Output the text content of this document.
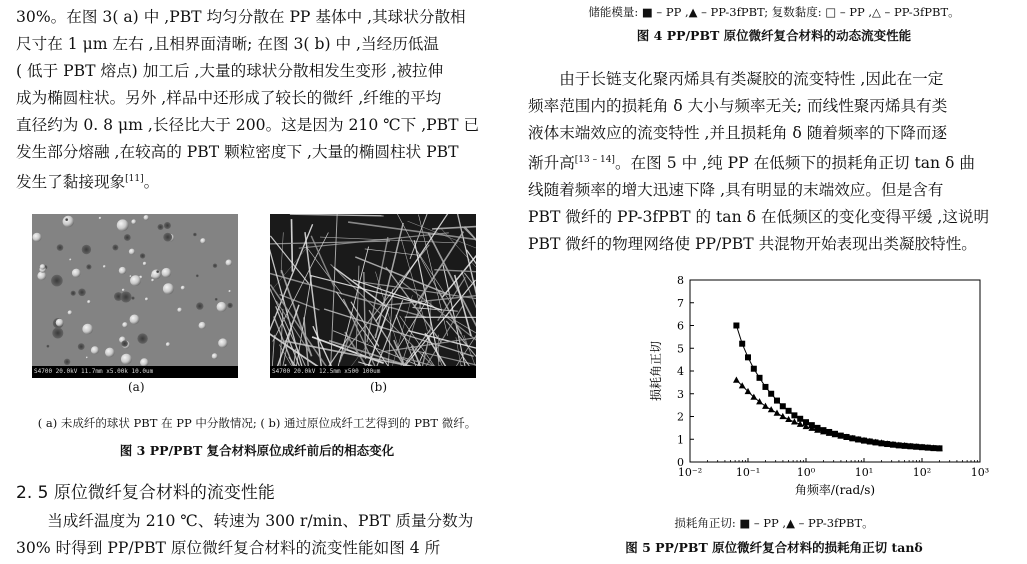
30%。在图 3( a) 中 ,PBT 均匀分散在 PP 基体中 ,其球状分散相

尺寸在 1 μm 左右 ,且相界面清晰; 在图 3( b) 中 ,当经历低温

( 低于 PBT 熔点) 加工后 ,大量的球状分散相发生变形 ,被拉伸

成为椭圆柱状。另外 ,样品中还形成了较长的微纤 ,纤维的平均

直径约为 0. 8 μm ,长径比大于 200。这是因为 210 ℃下 ,PBT 已

发生部分熔融 ,在较高的 PBT 颗粒密度下 ,大量的椭圆柱状 PBT

发生了黏接现象[11]。

S4700 20.0kV 11.7mm x5.00k 10.0um
(a)
S4700 20.0kV 12.5mm x500 100um
(b)
( a) 未成纤的球状 PBT 在 PP 中分散情况; ( b) 通过原位成纤工艺得到的 PBT 微纤。
图 3 PP/PBT 复合材料原位成纤前后的相态变化
2. 5 原位微纤复合材料的流变性能

当成纤温度为 210 ℃、转速为 300 r/min、PBT 质量分数为

30% 时得到 PP/PBT 原位微纤复合材料的流变性能如图 4 所

储能模量: ■ – PP ,▲ – PP-3fPBT; 复数黏度: □ – PP ,△ – PP-3fPBT。
图 4 PP/PBT 原位微纤复合材料的动态流变性能

由于长链支化聚丙烯具有类凝胶的流变特性 ,因此在一定

频率范围内的损耗角 δ 大小与频率无关; 而线性聚丙烯具有类

液体末端效应的流变特性 ,并且损耗角 δ 随着频率的下降而逐

渐升高[13 – 14]。在图 5 中 ,纯 PP 在低频下的损耗角正切 tan δ 曲

线随着频率的增大迅速下降 ,具有明显的末端效应。但是含有

PBT 微纤的 PP-3fPBT 的 tan δ 在低频区的变化变得平缓 ,这说明

PBT 微纤的物理网络使 PP/PBT 共混物开始表现出类凝胶特性。

0
1
2
3
4
5
6
7
8
10⁻²	10⁻¹	10⁰	10¹	10²	10³
角频率/(rad/s)
损耗角正切
损耗角正切: ■ – PP ,▲ – PP-3fPBT。
图 5 PP/PBT 原位微纤复合材料的损耗角正切 tanδ
